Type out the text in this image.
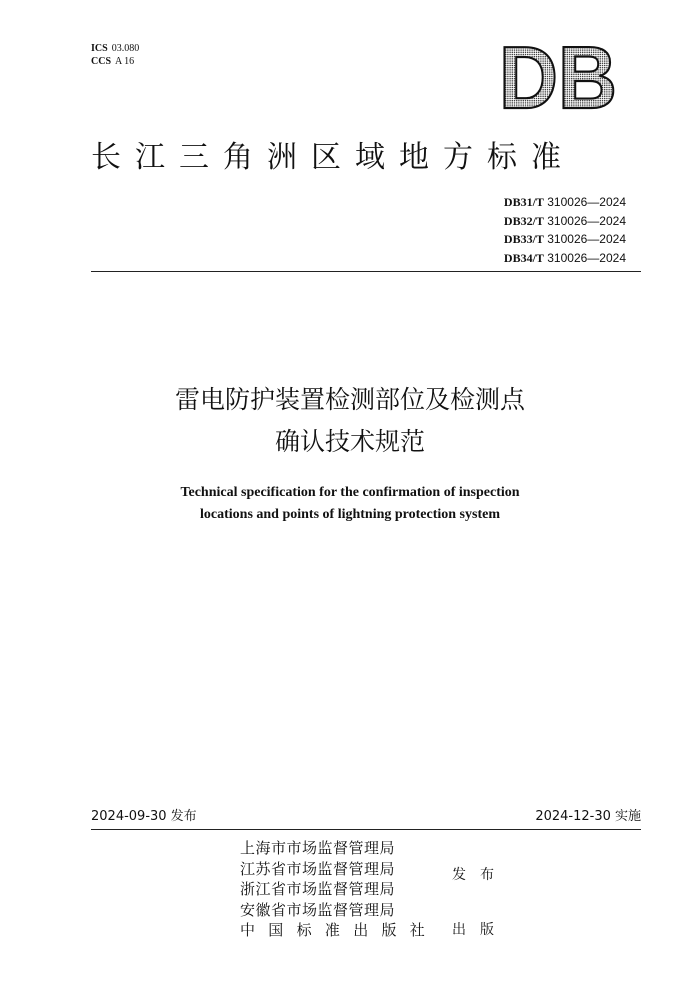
ICS 03.080
CCS A 16	DB
长江三角洲区域地方标准
DB31/T 310026—2024
DB32/T 310026—2024
DB33/T 310026—2024
DB34/T 310026—2024
雷电防护装置检测部位及检测点
确认技术规范
Technical specification for the confirmation of inspection
locations and points of lightning protection system
2024-09-30 发布	2024-12-30 实施
上海市市场监督管理局
江苏省市场监督管理局
浙江省市场监督管理局
安徽省市场监督管理局
发布
中国标准出版社 出版
